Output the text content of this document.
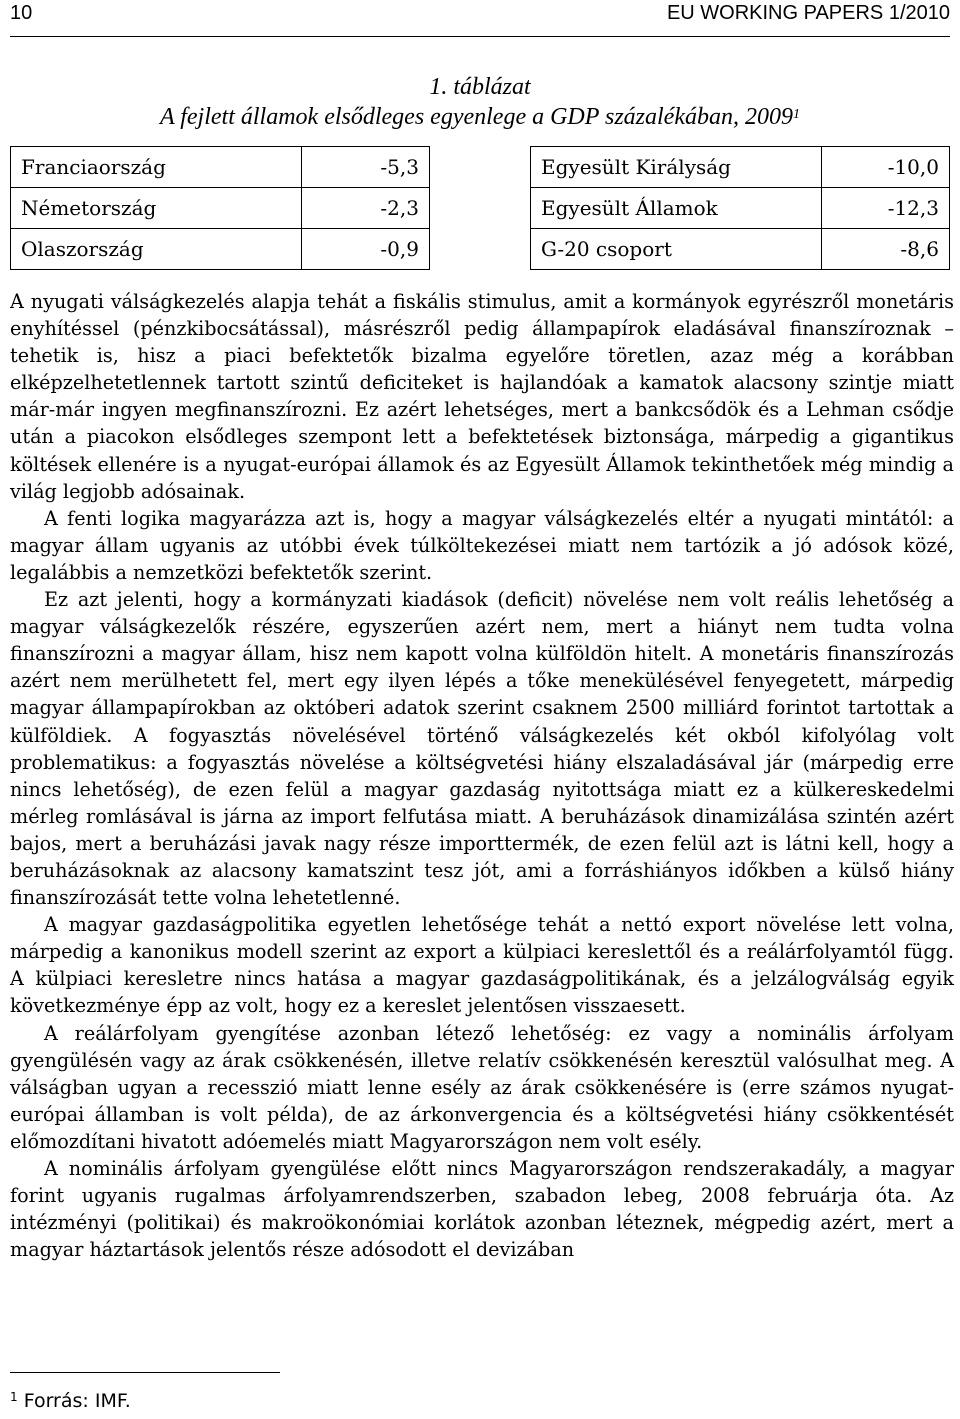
10	EU WORKING PAPERS 1/2010
1. táblázat
A fejlett államok elsődleges egyenlege a GDP százalékában, 2009$^1$
Franciaország	-5,3
Németország	-2,3
Olaszország	-0,9
Egyesült Királyság	-10,0
Egyesült Államok	-12,3
G-20 csoport	-8,6

A nyugati válságkezelés alapja tehát a fiskális stimulus, amit a kormányok egyrészről monetáris enyhítéssel (pénzkibocsátással), másrészről pedig állampapírok eladásával finanszíroznak – tehetik is, hisz a piaci befektetők bizalma egyelőre töretlen, azaz még a korábban elképzelhetetlennek tartott szintű deficiteket is hajlandóak a kamatok alacsony szintje miatt már-már ingyen megfinanszírozni. Ez azért lehetséges, mert a bankcsődök és a Lehman csődje után a piacokon elsődleges szempont lett a befektetések biztonsága, márpedig a gigantikus költések ellenére is a nyugat-európai államok és az Egyesült Államok tekinthetőek még mindig a világ legjobb adósainak.

A fenti logika magyarázza azt is, hogy a magyar válságkezelés eltér a nyugati mintától: a magyar állam ugyanis az utóbbi évek túlköltekezései miatt nem tartózik a jó adósok közé, legalábbis a nemzetközi befektetők szerint.

Ez azt jelenti, hogy a kormányzati kiadások (deficit) növelése nem volt reális lehetőség a magyar válságkezelők részére, egyszerűen azért nem, mert a hiányt nem tudta volna finanszírozni a magyar állam, hisz nem kapott volna külföldön hitelt. A monetáris finanszírozás azért nem merülhetett fel, mert egy ilyen lépés a tőke menekülésével fenyegetett, márpedig magyar állampapírokban az októberi adatok szerint csaknem 2500 milliárd forintot tartottak a külföldiek. A fogyasztás növelésével történő válságkezelés két okból kifolyólag volt problematikus: a fogyasztás növelése a költségvetési hiány elszaladásával jár (márpedig erre nincs lehetőség), de ezen felül a magyar gazdaság nyitottsága miatt ez a külkereskedelmi mérleg romlásával is járna az import felfutása miatt. A beruházások dinamizálása szintén azért bajos, mert a beruházási javak nagy része importtermék, de ezen felül azt is látni kell, hogy a beruházásoknak az alacsony kamatszint tesz jót, ami a forráshiányos időkben a külső hiány finanszírozását tette volna lehetetlenné.

A magyar gazdaságpolitika egyetlen lehetősége tehát a nettó export növelése lett volna, márpedig a kanonikus modell szerint az export a külpiaci kereslettől és a reálárfolyamtól függ. A külpiaci keresletre nincs hatása a magyar gazdaságpolitikának, és a jelzálogválság egyik következménye épp az volt, hogy ez a kereslet jelentősen visszaesett.

A reálárfolyam gyengítése azonban létező lehetőség: ez vagy a nominális árfolyam gyengülésén vagy az árak csökkenésén, illetve relatív csökkenésén keresztül valósulhat meg. A válságban ugyan a recesszió miatt lenne esély az árak csökkenésére is (erre számos nyugat-európai államban is volt példa), de az árkonvergencia és a költségvetési hiány csökkentését előmozdítani hivatott adóemelés miatt Magyarországon nem volt esély.

A nominális árfolyam gyengülése előtt nincs Magyarországon rendszerakadály, a magyar forint ugyanis rugalmas árfolyamrendszerben, szabadon lebeg, 2008 februárja óta. Az intézményi (politikai) és makroökonómiai korlátok azonban léteznek, mégpedig azért, mert a magyar háztartások jelentős része adósodott el devizában

$^1$ Forrás: IMF.
